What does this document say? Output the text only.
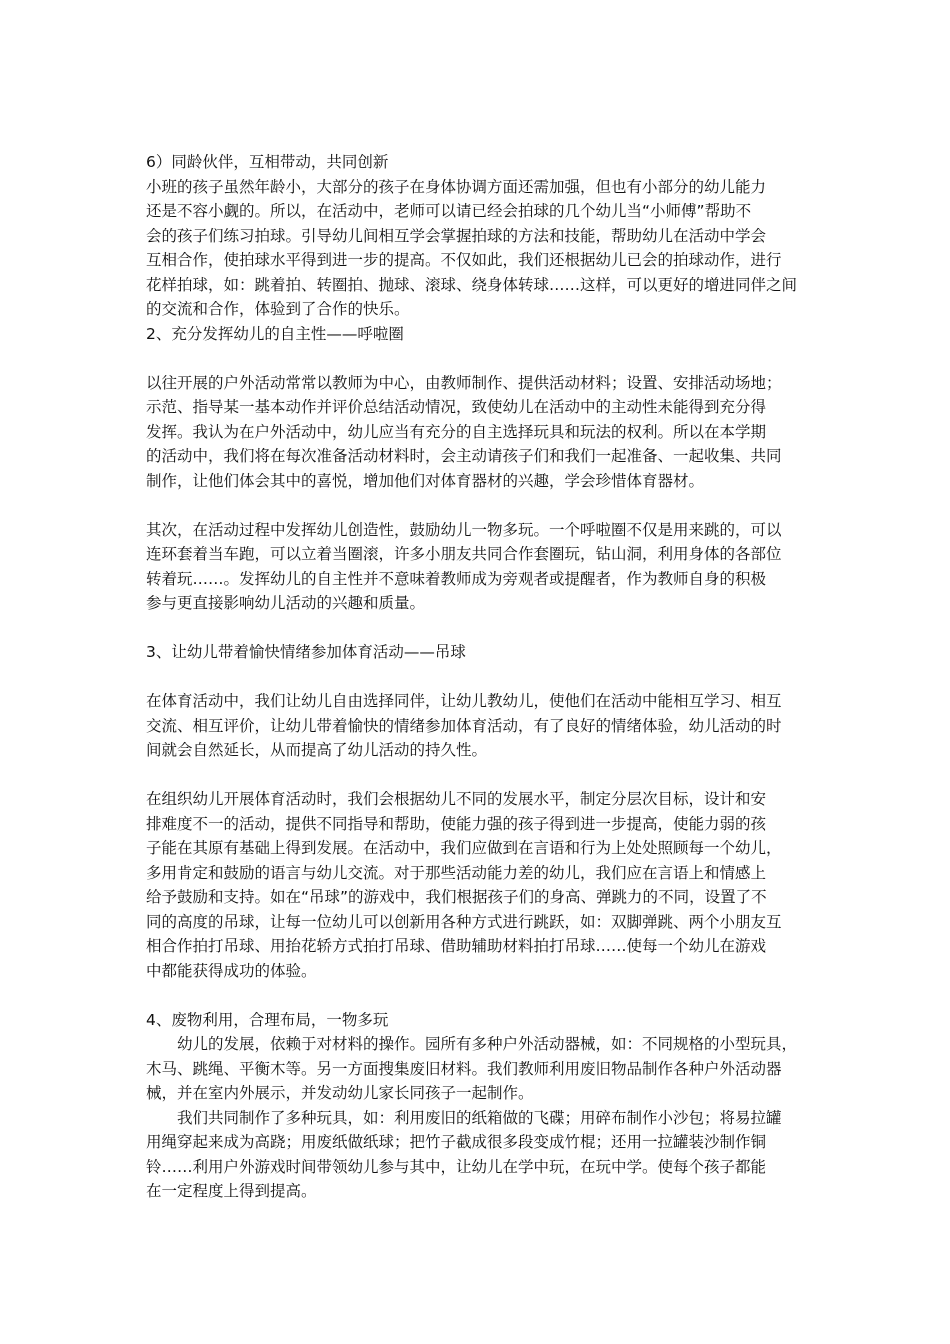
6）同龄伙伴，互相带动，共同创新
小班的孩子虽然年龄小，大部分的孩子在身体协调方面还需加强，但也有小部分的幼儿能力
还是不容小觑的。所以，在活动中，老师可以请已经会拍球的几个幼儿当“小师傅”帮助不
会的孩子们练习拍球。引导幼儿间相互学会掌握拍球的方法和技能，帮助幼儿在活动中学会
互相合作，使拍球水平得到进一步的提高。不仅如此，我们还根据幼儿已会的拍球动作，进行
花样拍球，如：跳着拍、转圈拍、抛球、滚球、绕身体转球……这样，可以更好的增进同伴之间
的交流和合作，体验到了合作的快乐。
2、充分发挥幼儿的自主性——呼啦圈
以往开展的户外活动常常以教师为中心，由教师制作、提供活动材料；设置、安排活动场地；
示范、指导某一基本动作并评价总结活动情况，致使幼儿在活动中的主动性未能得到充分得
发挥。我认为在户外活动中，幼儿应当有充分的自主选择玩具和玩法的权利。所以在本学期
的活动中，我们将在每次准备活动材料时，会主动请孩子们和我们一起准备、一起收集、共同
制作，让他们体会其中的喜悦，增加他们对体育器材的兴趣，学会珍惜体育器材。
其次，在活动过程中发挥幼儿创造性，鼓励幼儿一物多玩。一个呼啦圈不仅是用来跳的，可以
连环套着当车跑，可以立着当圈滚，许多小朋友共同合作套圈玩，钻山洞，利用身体的各部位
转着玩……。发挥幼儿的自主性并不意味着教师成为旁观者或提醒者，作为教师自身的积极
参与更直接影响幼儿活动的兴趣和质量。
3、让幼儿带着愉快情绪参加体育活动——吊球
在体育活动中，我们让幼儿自由选择同伴，让幼儿教幼儿，使他们在活动中能相互学习、相互
交流、相互评价，让幼儿带着愉快的情绪参加体育活动，有了良好的情绪体验，幼儿活动的时
间就会自然延长，从而提高了幼儿活动的持久性。
在组织幼儿开展体育活动时，我们会根据幼儿不同的发展水平，制定分层次目标，设计和安
排难度不一的活动，提供不同指导和帮助，使能力强的孩子得到进一步提高，使能力弱的孩
子能在其原有基础上得到发展。在活动中，我们应做到在言语和行为上处处照顾每一个幼儿，
多用肯定和鼓励的语言与幼儿交流。对于那些活动能力差的幼儿，我们应在言语上和情感上
给予鼓励和支持。如在“吊球”的游戏中，我们根据孩子们的身高、弹跳力的不同，设置了不
同的高度的吊球，让每一位幼儿可以创新用各种方式进行跳跃，如：双脚弹跳、两个小朋友互
相合作拍打吊球、用抬花轿方式拍打吊球、借助辅助材料拍打吊球……使每一个幼儿在游戏
中都能获得成功的体验。
4、废物利用，合理布局，一物多玩
幼儿的发展，依赖于对材料的操作。园所有多种户外活动器械，如：不同规格的小型玩具，
木马、跳绳、平衡木等。另一方面搜集废旧材料。我们教师利用废旧物品制作各种户外活动器
械，并在室内外展示，并发动幼儿家长同孩子一起制作。
我们共同制作了多种玩具，如：利用废旧的纸箱做的飞碟；用碎布制作小沙包；将易拉罐
用绳穿起来成为高跷；用废纸做纸球；把竹子截成很多段变成竹棍；还用一拉罐装沙制作铜
铃……利用户外游戏时间带领幼儿参与其中，让幼儿在学中玩，在玩中学。使每个孩子都能
在一定程度上得到提高。
